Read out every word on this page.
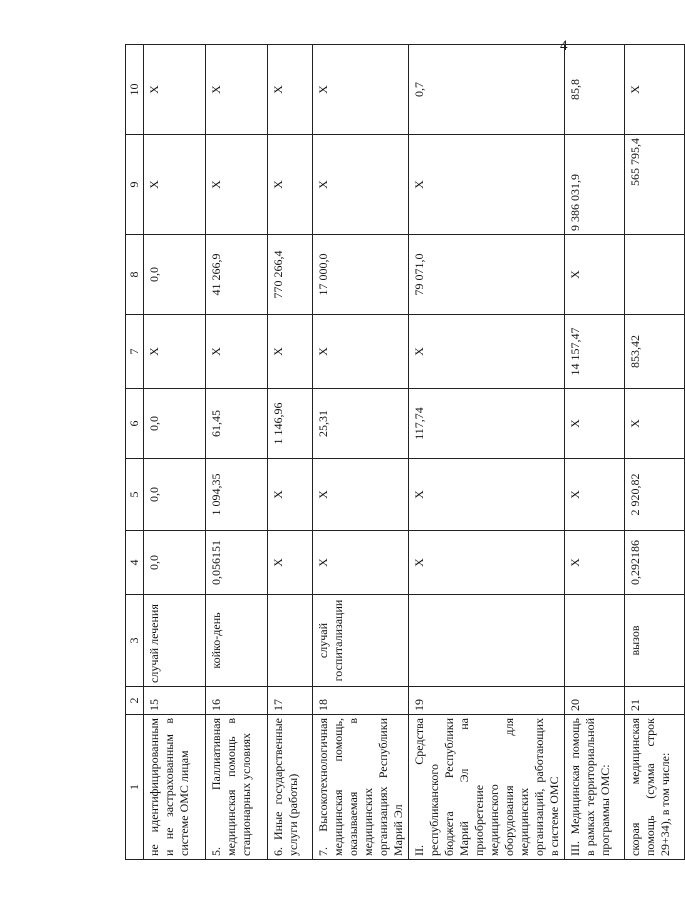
4
1	2	3	4	5	6	7	8	9	10
не идентифицированным и не застрахованным в системе ОМС лицам	15	случай лечения	0,0	0,0	0,0	X	0,0	X	X
5. Паллиативная медицинская помощь в стационарных условиях	16	койко-день	0,056151	1 094,35	61,45	X	41 266,9	X	X
6. Иные государственные услуги (работы)	17		X	X	1 146,96	X	770 266,4	X	X
7. Высокотехнологичная медицинская помощь, оказываемая в медицинских организациях Республики Марий Эл	18	случай госпитализации	X	X	25,31	X	17 000,0	X	X
II. Средства республиканского бюджета Республики Марий Эл на приобретение медицинского оборудования для медицинских организаций, работающих в системе ОМС	19		X	X	117,74	X	79 071,0	X	0,7
III. Медицинская помощь в рамках территориальной программы ОМС:	20		X	X	X	14 157,47	X	9 386 031,9	85,8
скорая медицинская помощь (сумма строк 29+34), в том числе:	21	вызов	0,292186	2 920,82	X	853,42		565 795,4	X
